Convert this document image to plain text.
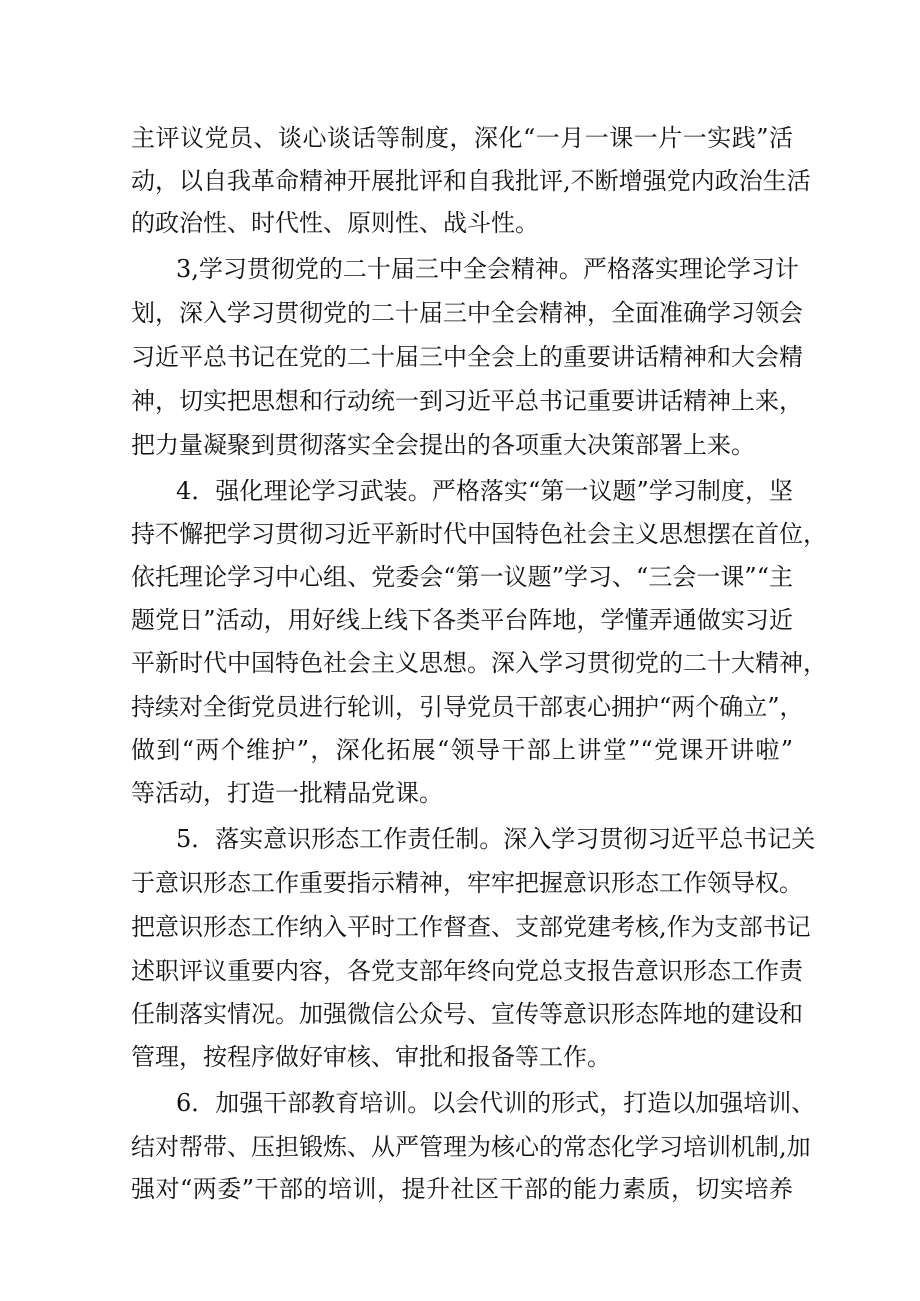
主评议党员、谈心谈话等制度，深化“一月一课一片一实践”活
动，以自我革命精神开展批评和自我批评,不断增强党内政治生活
的政治性、时代性、原则性、战斗性。
3,学习贯彻党的二十届三中全会精神。严格落实理论学习计
划，深入学习贯彻党的二十届三中全会精神，全面准确学习领会
习近平总书记在党的二十届三中全会上的重要讲话精神和大会精
神，切实把思想和行动统一到习近平总书记重要讲话精神上来，
把力量凝聚到贯彻落实全会提出的各项重大决策部署上来。
4．强化理论学习武装。严格落实“第一议题”学习制度，坚
持不懈把学习贯彻习近平新时代中国特色社会主义思想摆在首位，
依托理论学习中心组、党委会“第一议题”学习、“三会一课”“主
题党日”活动，用好线上线下各类平台阵地，学懂弄通做实习近
平新时代中国特色社会主义思想。深入学习贯彻党的二十大精神，
持续对全街党员进行轮训，引导党员干部衷心拥护“两个确立”，
做到“两个维护”，深化拓展“领导干部上讲堂”“党课开讲啦”
等活动，打造一批精品党课。
5．落实意识形态工作责任制。深入学习贯彻习近平总书记关
于意识形态工作重要指示精神，牢牢把握意识形态工作领导权。
把意识形态工作纳入平时工作督查、支部党建考核,作为支部书记
述职评议重要内容，各党支部年终向党总支报告意识形态工作责
任制落实情况。加强微信公众号、宣传等意识形态阵地的建设和
管理，按程序做好审核、审批和报备等工作。
6．加强干部教育培训。以会代训的形式，打造以加强培训、
结对帮带、压担锻炼、从严管理为核心的常态化学习培训机制,加
强对“两委”干部的培训，提升社区干部的能力素质，切实培养
